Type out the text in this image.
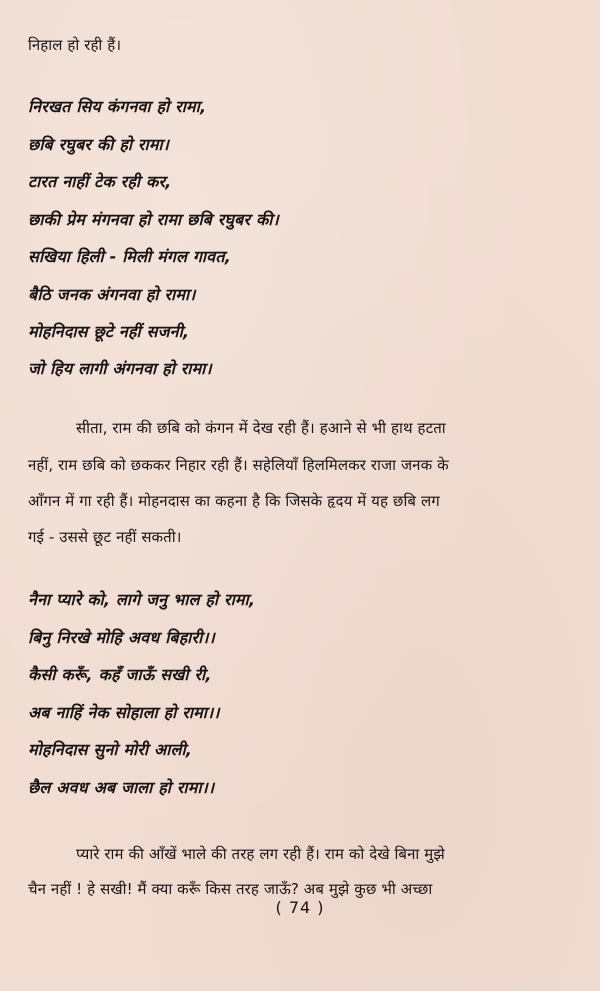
निहाल हो रही हैं।
निरखत सिय कंगनवा हो रामा,
छबि रघुबर की हो रामा।
टारत नाहीं टेक रही कर,
छाकी प्रेम मंगनवा हो रामा छबि रघुबर की।
सखिया हिली - मिली मंगल गावत,
बैठि जनक अंगनवा हो रामा।
मोहनिदास छूटे नहीं सजनी,
जो हिय लागी अंगनवा हो रामा।
सीता, राम की छबि को कंगन में देख रही हैं। हआने से भी हाथ हटता
नहीं, राम छबि को छककर निहार रही हैं। सहेलियाँ हिलमिलकर राजा जनक के
आँगन में गा रही हैं। मोहनदास का कहना है कि जिसके हृदय में यह छबि लग
गई - उससे छूट नहीं सकती।
नैना प्यारे को, लागे जनु भाल हो रामा,
बिनु निरखे मोहि अवध बिहारी।।
कैसी करूँ, कहँ जाऊँ सखी री,
अब नाहिं नेक सोहाला हो रामा।।
मोहनिदास सुनो मोरी आली,
छैल अवध अब जाला हो रामा।।
प्यारे राम की आँखें भाले की तरह लग रही हैं। राम को देखे बिना मुझे
चैन नहीं ! हे सखी! मैं क्या करूँ किस तरह जाऊँ? अब मुझे कुछ भी अच्छा
( 74 )
